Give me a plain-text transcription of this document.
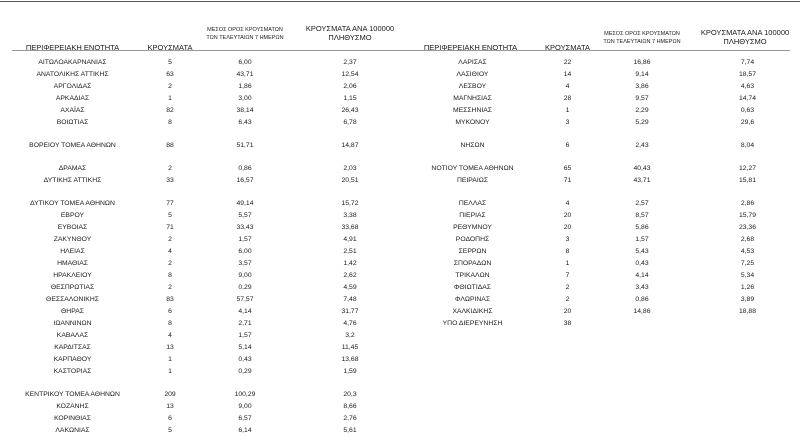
ΠΕΡΙΦΕΡΕΙΑΚΗ ΕΝΟΤΗΤΑ	ΚΡΟΥΣΜΑΤΑ
ΜΕΣΟΣ ΟΡΟΣ ΚΡΟΥΣΜΑΤΩΝ
ΤΩΝ ΤΕΛΕΥΤΑΙΩΝ 7 ΗΜΕΡΩΝ
ΚΡΟΥΣΜΑΤΑ ΑΝΑ 100000
ΠΛΗΘΥΣΜΟ
ΠΕΡΙΦΕΡΕΙΑΚΗ ΕΝΟΤΗΤΑ	ΚΡΟΥΣΜΑΤΑ
ΜΕΣΟΣ ΟΡΟΣ ΚΡΟΥΣΜΑΤΩΝ
ΤΩΝ ΤΕΛΕΥΤΑΙΩΝ 7 ΗΜΕΡΩΝ
ΚΡΟΥΣΜΑΤΑ ΑΝΑ 100000
ΠΛΗΘΥΣΜΟ
ΑΙΤΩΛΟΑΚΑΡΝΑΝΙΑΣ	5	6,00	2,37
ΑΝΑΤΟΛΙΚΗΣ ΑΤΤΙΚΗΣ	63	43,71	12,54
ΑΡΓΟΛΙΔΑΣ	2	1,86	2,06
ΑΡΚΑΔΙΑΣ	1	3,00	1,15
ΑΧΑΪΑΣ	82	38,14	26,43
ΒΟΙΩΤΙΑΣ	8	6,43	6,78
ΒΟΡΕΙΟΥ ΤΟΜΕΑ ΑΘΗΝΩΝ	88	51,71	14,87
ΔΡΑΜΑΣ	2	0,86	2,03
ΔΥΤΙΚΗΣ ΑΤΤΙΚΗΣ	33	16,57	20,51
ΔΥΤΙΚΟΥ ΤΟΜΕΑ ΑΘΗΝΩΝ	77	49,14	15,72
ΕΒΡΟΥ	5	5,57	3,38
ΕΥΒΟΙΑΣ	71	33,43	33,68
ΖΑΚΥΝΘΟΥ	2	1,57	4,91
ΗΛΕΙΑΣ	4	6,00	2,51
ΗΜΑΘΙΑΣ	2	3,57	1,42
ΗΡΑΚΛΕΙΟΥ	8	9,00	2,62
ΘΕΣΠΡΩΤΙΑΣ	2	0,29	4,59
ΘΕΣΣΑΛΟΝΙΚΗΣ	83	57,57	7,48
ΘΗΡΑΣ	6	4,14	31,77
ΙΩΑΝΝΙΝΩΝ	8	2,71	4,76
ΚΑΒΑΛΑΣ	4	1,57	3,2
ΚΑΡΔΙΤΣΑΣ	13	5,14	11,45
ΚΑΡΠΑΘΟΥ	1	0,43	13,68
ΚΑΣΤΟΡΙΑΣ	1	0,29	1,59
ΚΕΝΤΡΙΚΟΥ ΤΟΜΕΑ ΑΘΗΝΩΝ	209	100,29	20,3
ΚΟΖΑΝΗΣ	13	9,00	8,66
ΚΟΡΙΝΘΙΑΣ	6	6,57	2,76
ΛΑΚΩΝΙΑΣ	5	6,14	5,61
ΛΑΡΙΣΑΣ	22	16,86	7,74
ΛΑΣΙΘΙΟΥ	14	9,14	18,57
ΛΕΣΒΟΥ	4	3,86	4,63
ΜΑΓΝΗΣΙΑΣ	28	9,57	14,74
ΜΕΣΣΗΝΙΑΣ	1	2,29	0,63
ΜΥΚΟΝΟΥ	3	5,29	29,6
ΝΗΣΩΝ	6	2,43	8,04
ΝΟΤΙΟΥ ΤΟΜΕΑ ΑΘΗΝΩΝ	65	40,43	12,27
ΠΕΙΡΑΙΩΣ	71	43,71	15,81
ΠΕΛΛΑΣ	4	2,57	2,86
ΠΙΕΡΙΑΣ	20	8,57	15,79
ΡΕΘΥΜΝΟΥ	20	5,86	23,36
ΡΟΔΟΠΗΣ	3	1,57	2,68
ΣΕΡΡΩΝ	8	5,43	4,53
ΣΠΟΡΑΔΩΝ	1	0,43	7,25
ΤΡΙΚΑΛΩΝ	7	4,14	5,34
ΦΘΙΩΤΙΔΑΣ	2	3,43	1,26
ΦΛΩΡΙΝΑΣ	2	0,86	3,89
ΧΑΛΚΙΔΙΚΗΣ	20	14,86	18,88
ΥΠΟ ΔΙΕΡΕΥΝΗΣΗ	38
